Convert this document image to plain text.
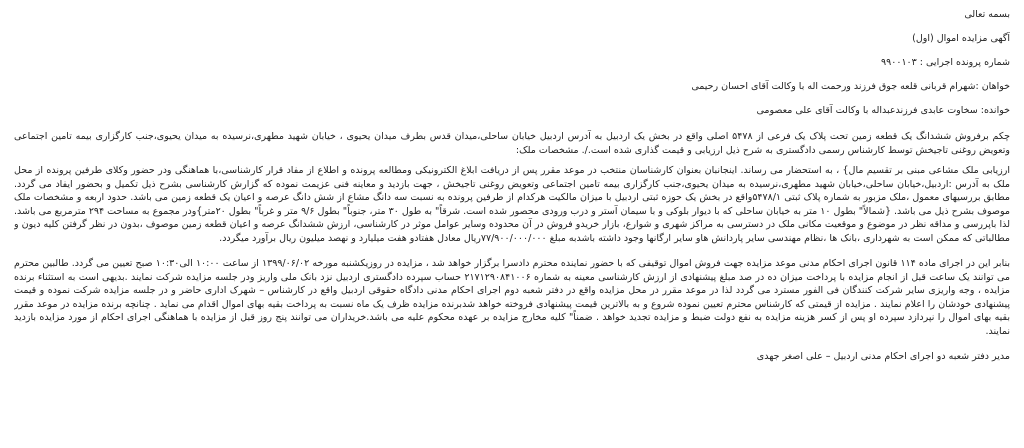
بسمه تعالی
آگهی مزایده اموال (اول)
شماره پرونده اجرایی : ۹۹۰۰۱۰۳
خواهان :شهرام قربانی قلعه جوق فرزند ورحمت اله با وکالت آقای احسان رحیمی
خوانده: سخاوت عابدی فرزندعبداله با وکالت آقای علی معصومی
چکم برفروش ششدانگ یک قطعه زمین تحت پلاک یک فرعی از ۵۴۷۸ اصلی واقع در بخش یک اردبیل به آدرس اردبیل خیابان ساحلی،میدان قدس بطرف میدان یحیوی ، خیابان شهید مطهری،نرسیده به میدان یحیوی،جنب کارگزاری بیمه تامین اجتماعی وتعویض روغنی تاجیخش توسط کارشناس رسمی دادگستری به شرح ذیل ارزیابی و قیمت گذاری شده است./. مشخصات ملک:
ارزیابی ملک مشاعی مبنی بر تقسیم مال} ، به استحضار می رساند. اینجانبان بعنوان کارشناسان منتخب در موعد مقرر پس از دریافت ابلاغ الکترونیکی ومطالعه پرونده و اطلاع از مفاد قرار کارشناسی،با هماهنگی ودر حضور وکلای طرفین پرونده از محل ملک به آدرس :اردبیل،خیابان ساحلی،خیابان شهید مطهری،نرسیده به میدان یحیوی،جنب کارگزاری بیمه تامین اجتماعی وتعویض روغنی تاجیخش ، جهت بازدید و معاینه فنی عزیمت نموده که گزارش کارشناسی بشرح ذیل تکمیل و بحضور ایفاد می گردد. مطابق بررسیهای معمول ،ملک مزبور به شماره پلاک ثبتی ۵۴۷۸/۱واقع در بخش یک حوزه ثبتی اردبیل با میزان مالکیت هرکدام از طرفین پرونده به نسبت سه دانگ مشاع از شش دانگ عرصه و اعیان یک قطعه زمین می باشد. حدود اربعه و مشخصات ملک موصوف بشرح ذیل می باشد. {شمالاً" بطول ۱۰ متر به خیابان ساحلی که با دیوار بلوکی و با سیمان آستر و درب ورودی محصور شده است. شرقاً" به طول ۳۰ متر، جنوباً" بطول ۹/۶ متر و غرباً" بطول ۲۰متر}ودر مجموع به مساحت ۲۹۴ مترمربع می باشد. لذا باپررسی و مداقه نظر در موضوع و موقعیت مکانی ملک در دسترسی به مراکز شهری و شوارع، بازار خریدو فروش در آن محدوده وسایر عوامل موثر در کارشناسی، ارزش ششدانگ عرصه و اعیان قطعه زمین موصوف ،بدون در نظر گرفتن کلیه دیون و مطالباتی که ممکن است به شهرداری ،بانک ها ،نظام مهندسی سایر پاردانش هاو سایر ارگانها وجود داشته باشدبه مبلغ ۷۷/۹۰۰/۰۰۰/۰۰۰ریال معادل هفتادو هفت میلیارد و نهصد میلیون ریال برآورد میگردد.
بنابر این در اجرای ماده ۱۱۴ قانون اجرای احکام مدنی موعد مزایده جهت فروش اموال توقیفی که با حضور نماینده محترم دادسرا برگزار خواهد شد ، مزایده در روزیکشنبه مورخه ۱۳۹۹/۰۶/۰۲ از ساعت ۱۰:۰۰ الی۱۰:۳۰ صبح تعیین می گردد. طالبین محترم می توانند یک ساعت قبل از انجام مزایده با پرداخت میزان ده در صد مبلغ پیشنهادی از ارزش کارشناسی معینه به شماره ۲۱۷۱۲۹۰۸۴۱۰۰۶ حساب سپرده دادگستری اردبیل نزد بانک ملی واریز ودر جلسه مزایده شرکت نمایند .بدیهی است به استثناء برنده مزایده ، وجه واریزی سایر شرکت کنندگان فی الفور مسترد می گردد لذا در موعد مقرر در محل مزایده واقع در دفتر شعبه دوم اجرای احکام مدنی دادگاه حقوقی اردبیل واقع در کارشناس – شهرک اداری حاضر و در جلسه مزایده شرکت نموده و قیمت پیشنهادی خودشان را اعلام نمایند . مزایده از قیمتی که کارشناس محترم تعیین نموده شروع و به بالاترین قیمت پیشنهادی فروخته خواهد شدبرنده مزایده ظرف یک ماه نسبت به پرداخت بقیه بهای اموال اقدام می نماید . چنانچه برنده مزایده در موعد مقرر بقیه بهای اموال را نپردازد سپرده او پس از کسر هزینه مزایده به نفع دولت ضبط و مزایده تجدید خواهد . ضمناً" کلیه مخارج مزایده بر عهده محکوم علیه می باشد.خریداران می توانند پنج روز قبل از مزایده با هماهنگی اجرای احکام از مورد مزایده بازدید نمایند.
مدیر دفتر شعبه دو اجرای احکام مدنی اردبیل – علی اصغر جهدی
